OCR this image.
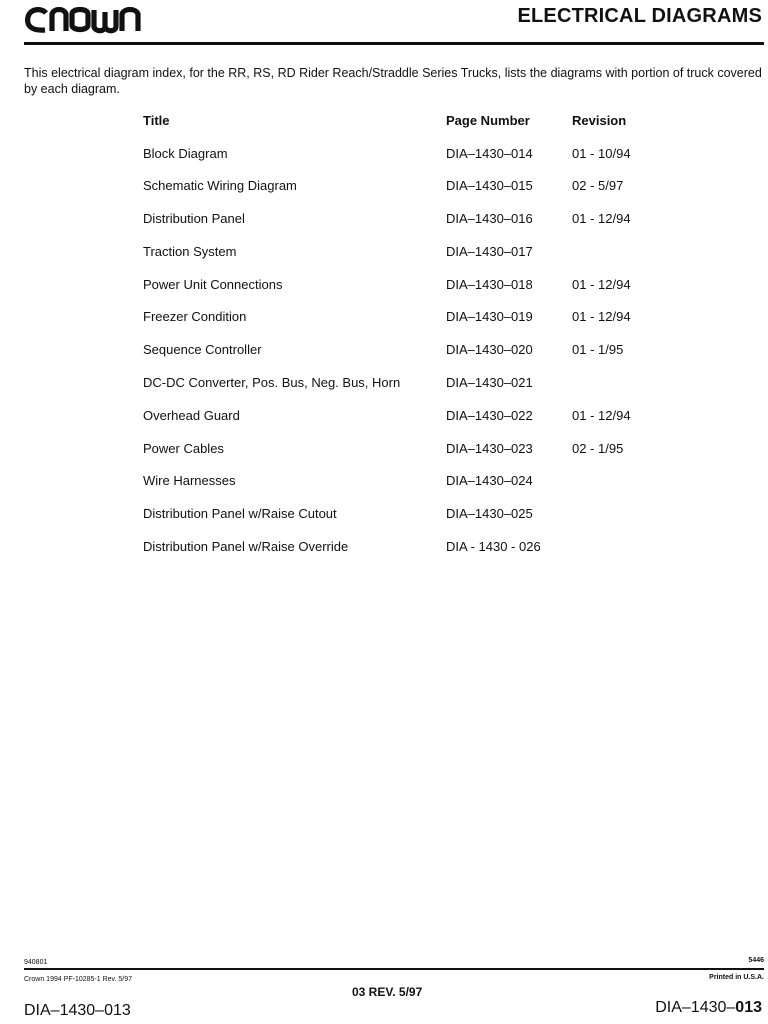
ELECTRICAL DIAGRAMS
This electrical diagram index, for the RR, RS, RD Rider Reach/Straddle Series Trucks, lists the diagrams with portion of truck covered by each diagram.
Title	Page Number	Revision
Block Diagram	DIA–1430–014	01 - 10/94
Schematic Wiring Diagram	DIA–1430–015	02 - 5/97
Distribution Panel	DIA–1430–016	01 - 12/94
Traction System	DIA–1430–017
Power Unit Connections	DIA–1430–018	01 - 12/94
Freezer Condition	DIA–1430–019	01 - 12/94
Sequence Controller	DIA–1430–020	01 - 1/95
DC-DC Converter, Pos. Bus, Neg. Bus, Horn	DIA–1430–021
Overhead Guard	DIA–1430–022	01 - 12/94
Power Cables	DIA–1430–023	02 - 1/95
Wire Harnesses	DIA–1430–024
Distribution Panel w/Raise Cutout	DIA–1430–025
Distribution Panel w/Raise Override	DIA - 1430 - 026
940801	5446
Crown 1994 PF-10285-1 Rev. 5/97	Printed in U.S.A.
03 REV. 5/97
DIA–1430–013	DIA–1430–013
